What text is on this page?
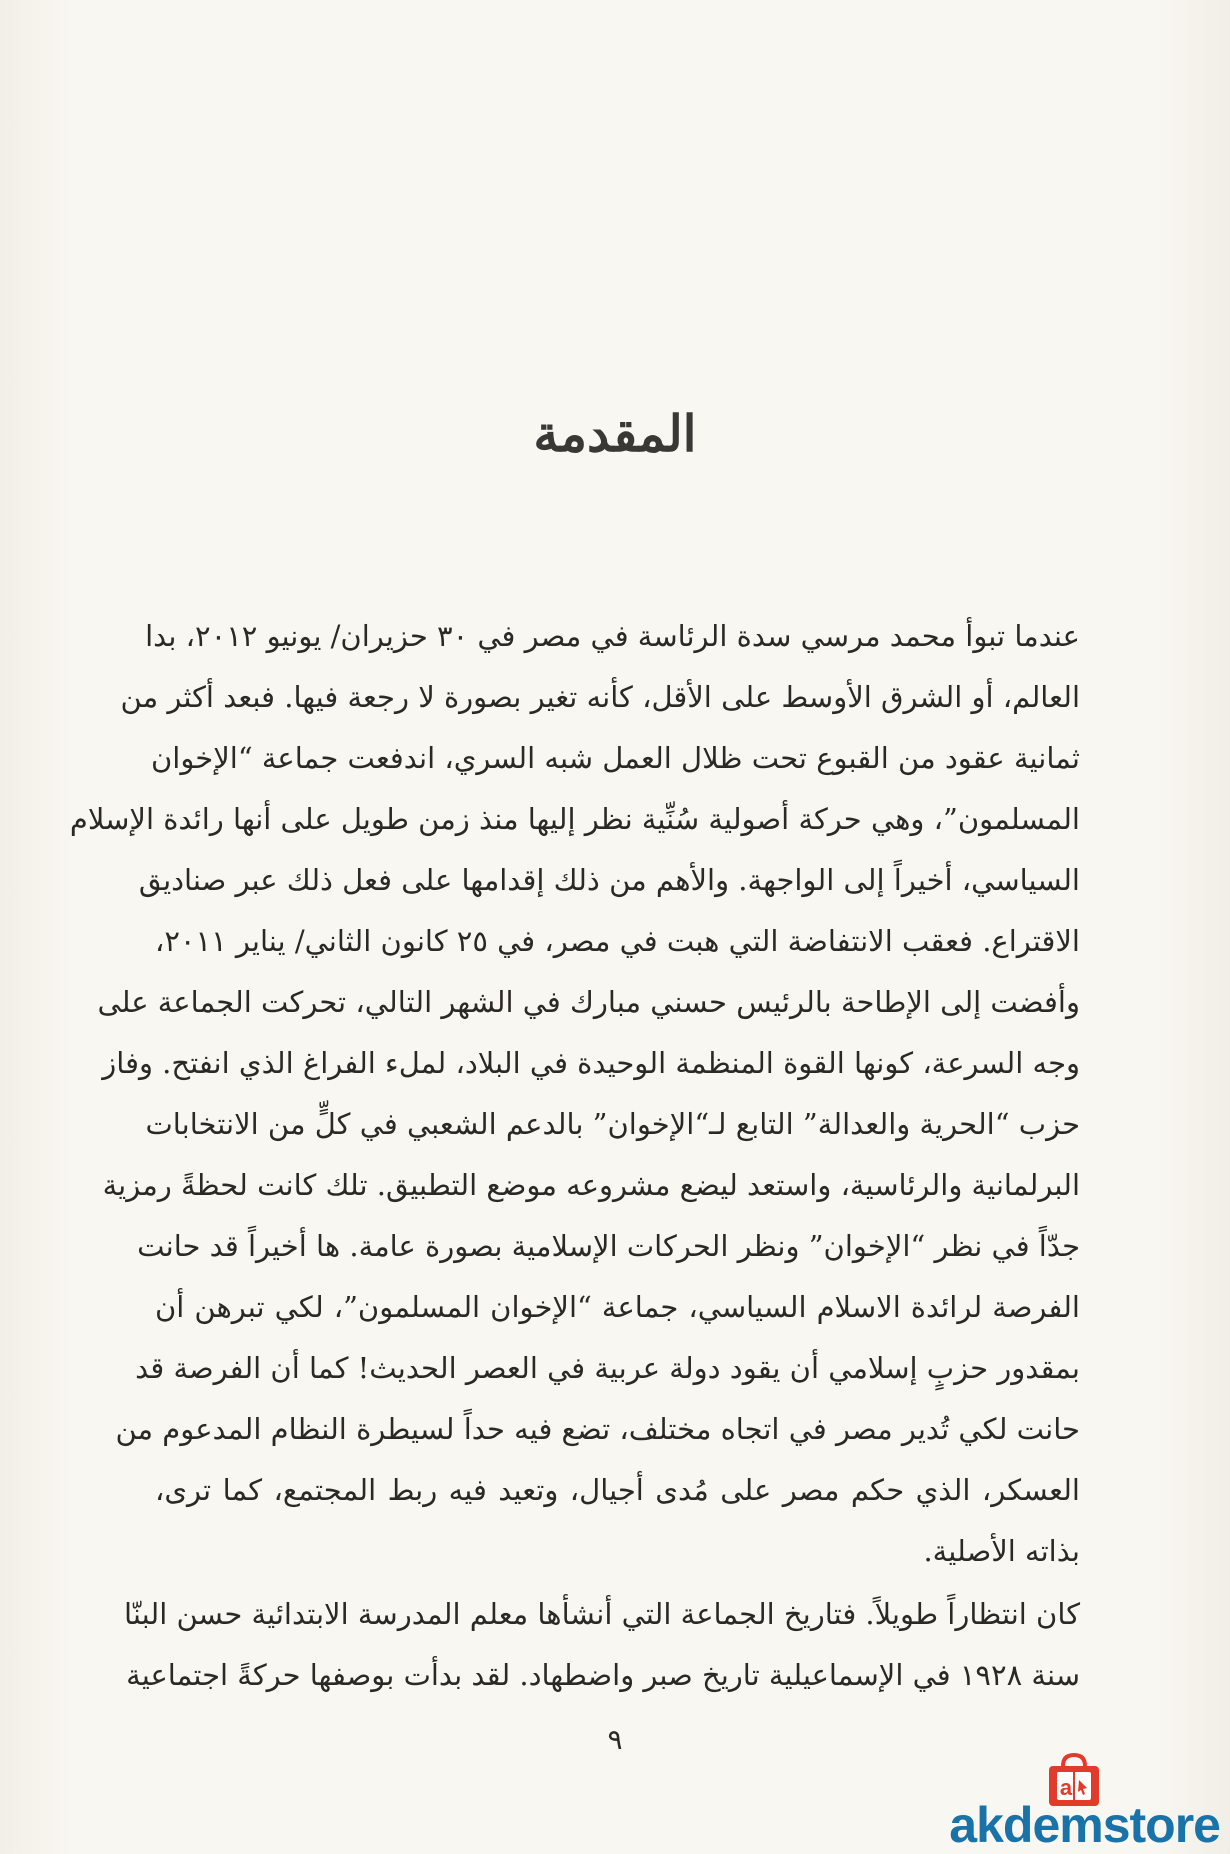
المقدمة

عندما تبوأ محمد مرسي سدة الرئاسة في مصر في ٣٠ حزيران/ يونيو ٢٠١٢، بدا
العالم، أو الشرق الأوسط على الأقل، كأنه تغير بصورة لا رجعة فيها. فبعد أكثر من
ثمانية عقود من القبوع تحت ظلال العمل شبه السري، اندفعت جماعة “الإخوان
المسلمون”، وهي حركة أصولية سُنِّية نظر إليها منذ زمن طويل على أنها رائدة الإسلام
السياسي، أخيراً إلى الواجهة. والأهم من ذلك إقدامها على فعل ذلك عبر صناديق
الاقتراع. فعقب الانتفاضة التي هبت في مصر، في ٢٥ كانون الثاني/ يناير ٢٠١١،
وأفضت إلى الإطاحة بالرئيس حسني مبارك في الشهر التالي، تحركت الجماعة على
وجه السرعة، كونها القوة المنظمة الوحيدة في البلاد، لملء الفراغ الذي انفتح. وفاز
حزب “الحرية والعدالة” التابع لـ“الإخوان” بالدعم الشعبي في كلٍّ من الانتخابات
البرلمانية والرئاسية، واستعد ليضع مشروعه موضع التطبيق. تلك كانت لحظةً رمزية
جدّاً في نظر “الإخوان” ونظر الحركات الإسلامية بصورة عامة. ها أخيراً قد حانت
الفرصة لرائدة الاسلام السياسي، جماعة “الإخوان المسلمون”، لكي تبرهن أن
بمقدور حزبٍ إسلامي أن يقود دولة عربية في العصر الحديث! كما أن الفرصة قد
حانت لكي تُدير مصر في اتجاه مختلف، تضع فيه حداً لسيطرة النظام المدعوم من
العسكر، الذي حكم مصر على مُدى أجيال، وتعيد فيه ربط المجتمع، كما ترى،
بذاته الأصلية.

كان انتظاراً طويلاً. فتاريخ الجماعة التي أنشأها معلم المدرسة الابتدائية حسن البنّا
سنة ١٩٢٨ في الإسماعيلية تاريخ صبر واضطهاد. لقد بدأت بوصفها حركةً اجتماعية

٩
a
akdemstore
